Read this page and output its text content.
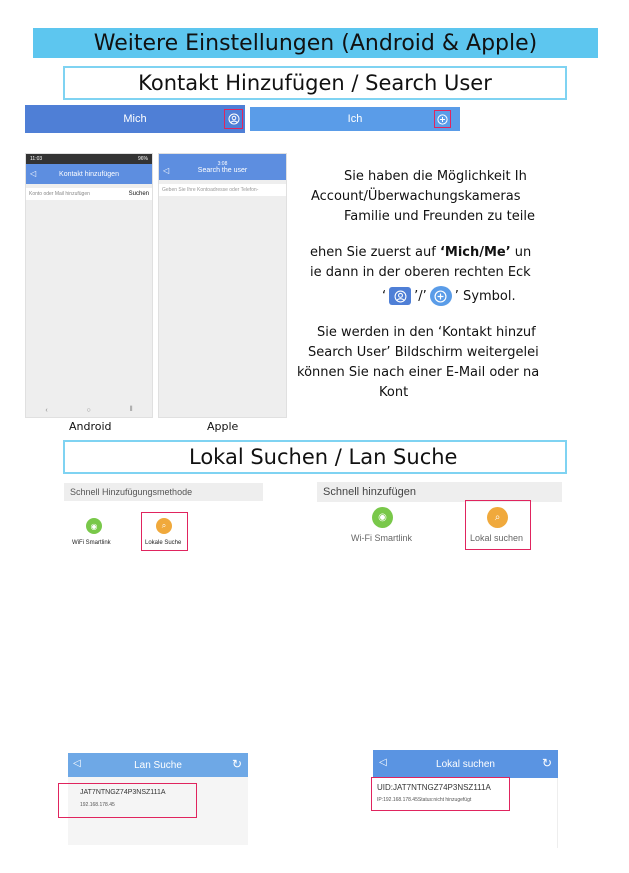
Weitere Einstellungen (Android & Apple)
Kontakt Hinzufügen / Search User
Mich	Ich
11:03	96%
◁	Kontakt hinzufügen
Konto oder Mail hinzufügen	Suchen
‹	○	⦀
Android
3:08
Search the user
◁
Geben Sie Ihre Kontoadresse oder Telefon-
Apple
Sie haben die Möglichkeit Ih
Account/Überwachungskameras
Familie und Freunden zu teile
ehen Sie zuerst auf ‘Mich/Me’ un
ie dann in der oberen rechten Eck
‘ ’/’ ’ Symbol.
Sie werden in den ‘Kontakt hinzuf
Search User’ Bildschirm weitergelei
können Sie nach einer E-Mail oder na
Kont
Lokal Suchen / Lan Suche
Schnell Hinzufügungsmethode
◉
WiFi Smartlink
⌕
Lokale Suche
Schnell hinzufügen
◉
Wi-Fi Smartlink
⌕
Lokal suchen
◁	Lan Suche	↻
JAT7NTNGZ74P3NSZ111A
192.168.178.45
◁	Lokal suchen	↻
UID:JAT7NTNGZ74P3NSZ111A
IP:192.168.178.45Status:nicht hinzugefügt
